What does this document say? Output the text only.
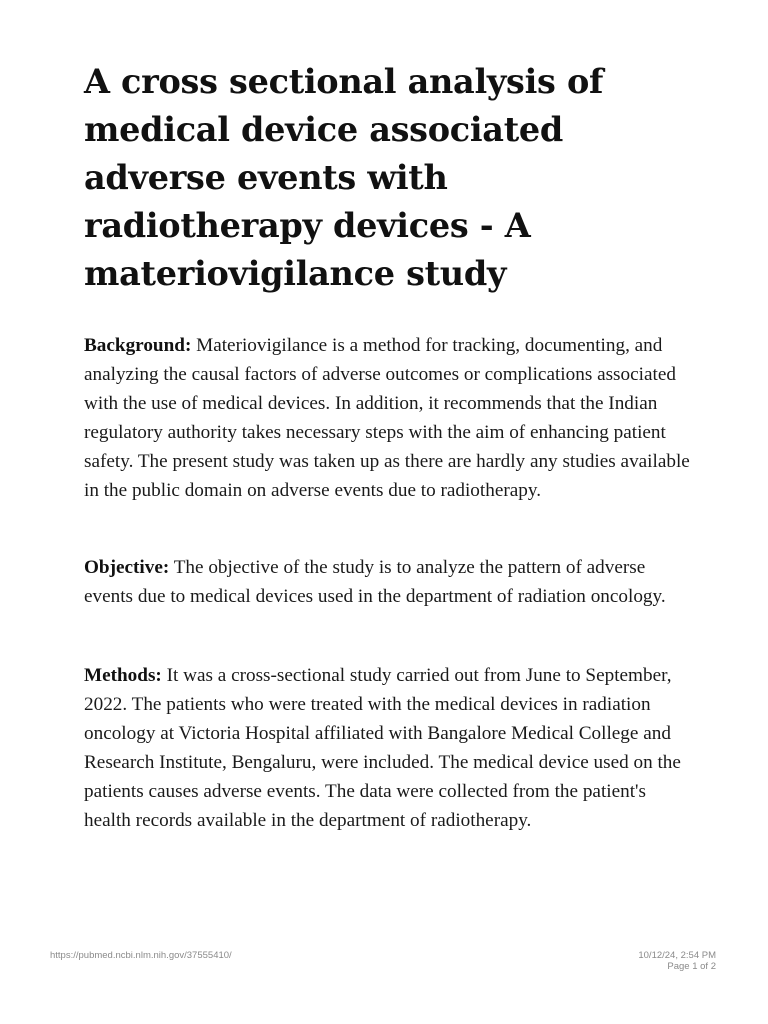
A cross sectional analysis of medical device associated adverse events with radiotherapy devices - A materiovigilance study

Background: Materiovigilance is a method for tracking, documenting, and analyzing the causal factors of adverse outcomes or complications associated with the use of medical devices. In addition, it recommends that the Indian regulatory authority takes necessary steps with the aim of enhancing patient safety. The present study was taken up as there are hardly any studies available in the public domain on adverse events due to radiotherapy.

Objective: The objective of the study is to analyze the pattern of adverse events due to medical devices used in the department of radiation oncology.

Methods: It was a cross-sectional study carried out from June to September, 2022. The patients who were treated with the medical devices in radiation oncology at Victoria Hospital affiliated with Bangalore Medical College and Research Institute, Bengaluru, were included. The medical device used on the patients causes adverse events. The data were collected from the patient's health records available in the department of radiotherapy.

https://pubmed.ncbi.nlm.nih.gov/37555410/	10/12/24, 2:54 PM
Page 1 of 2
